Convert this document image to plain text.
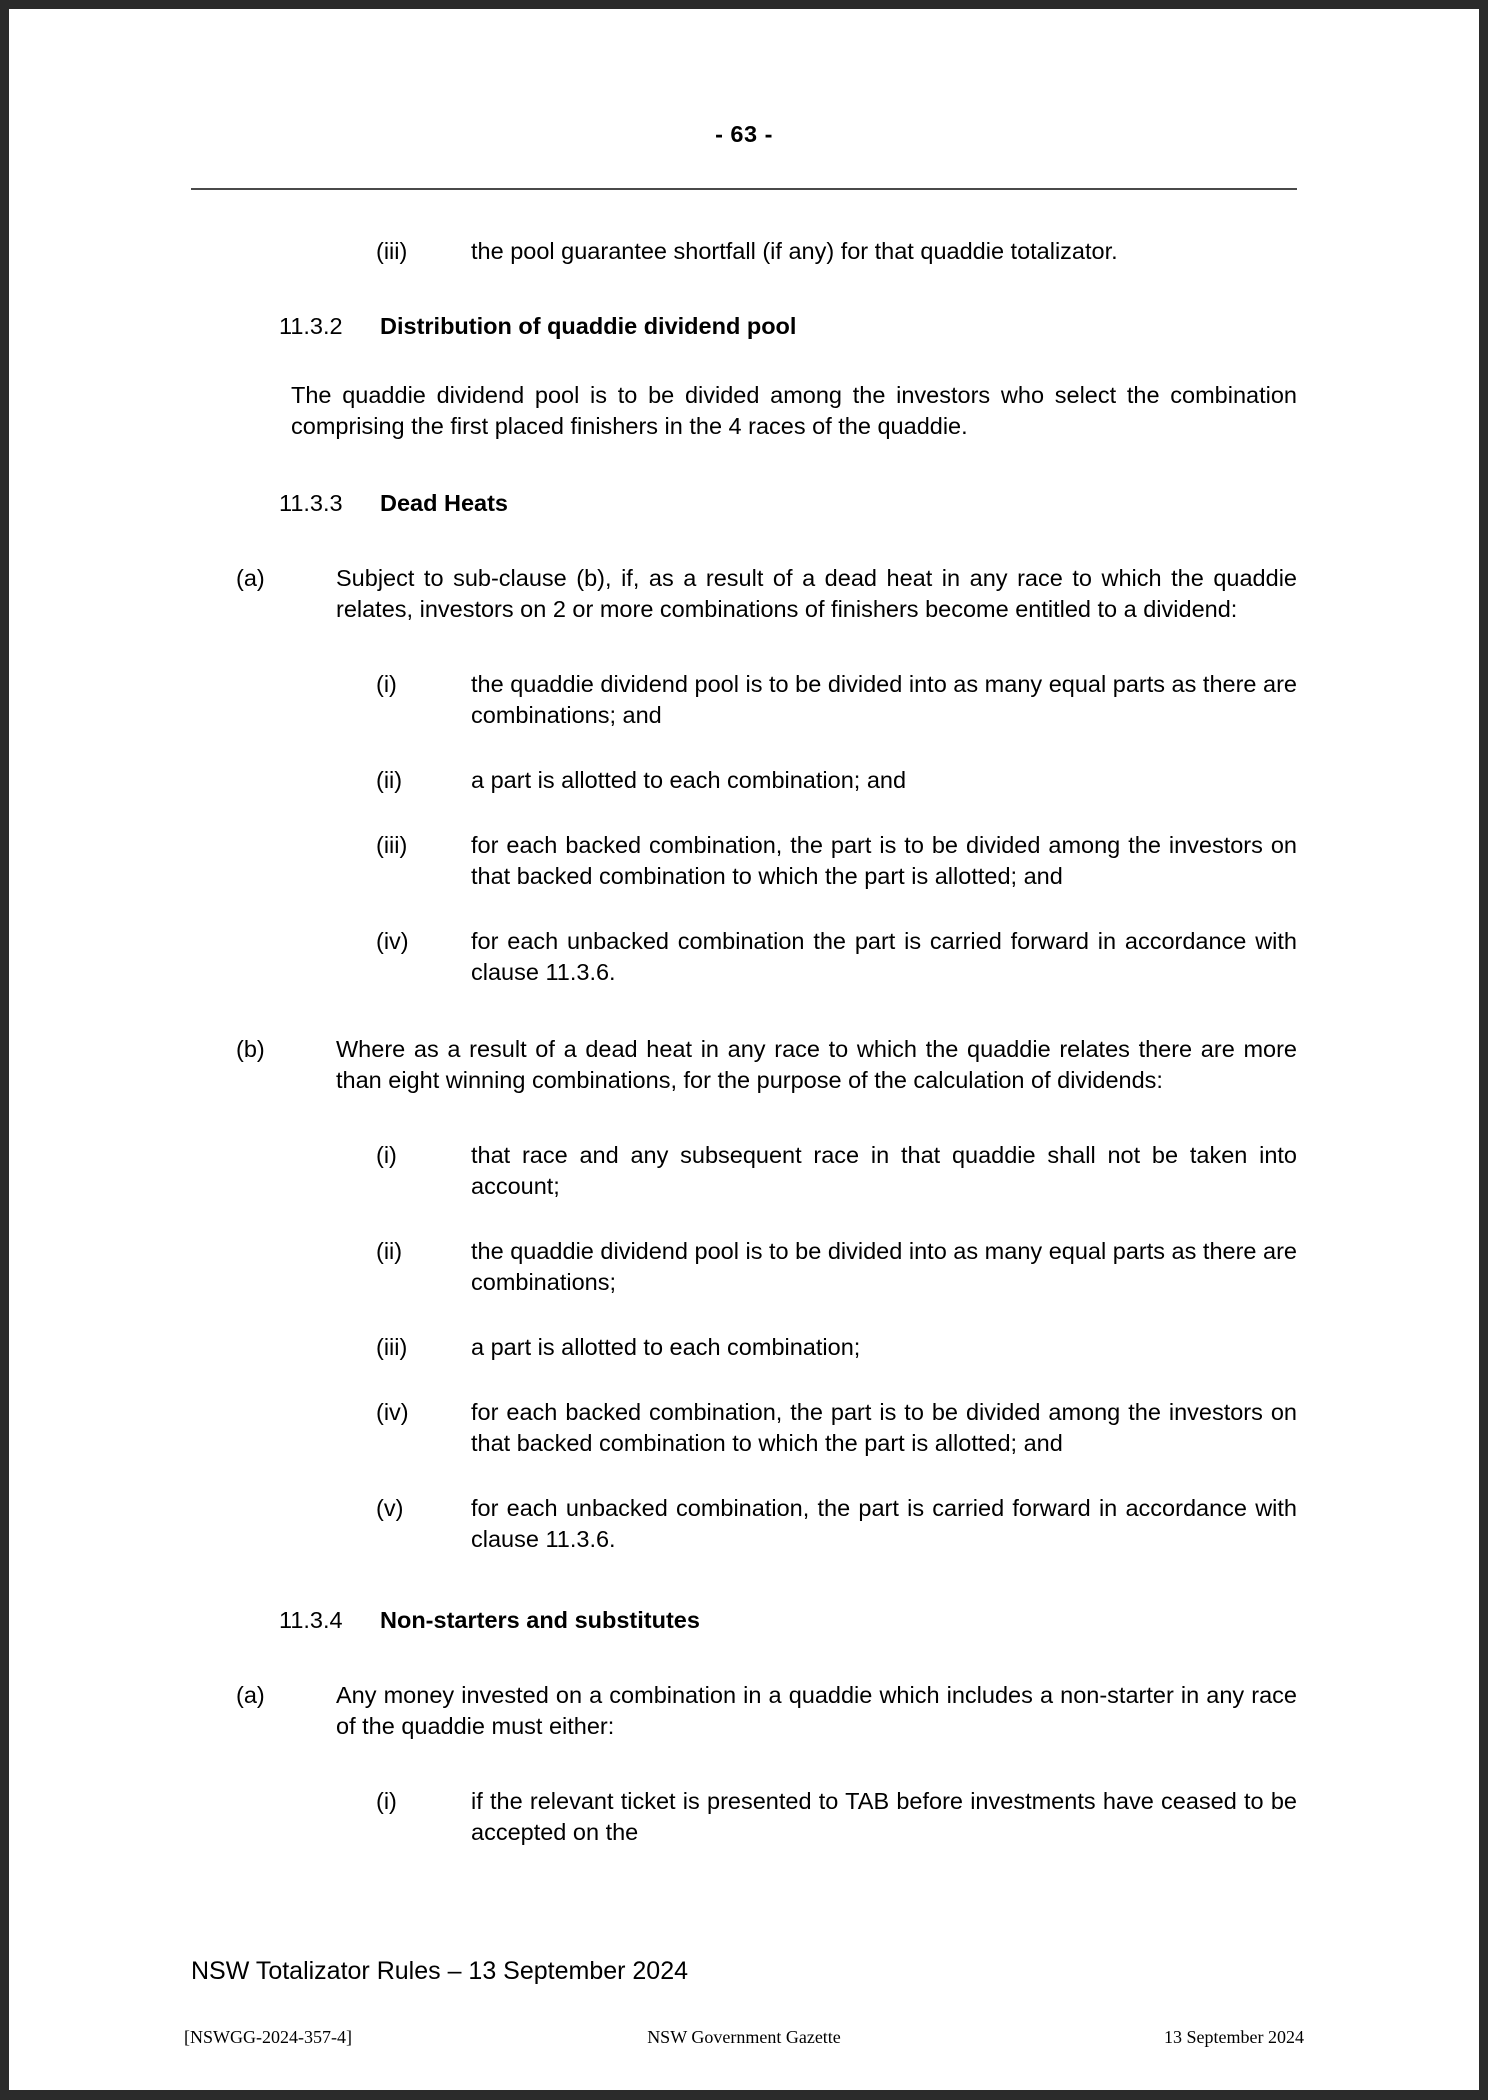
- 63 -
(iii)	the pool guarantee shortfall (if any) for that quaddie totalizator.
11.3.2	Distribution of quaddie dividend pool
The quaddie dividend pool is to be divided among the investors who select the combination comprising the first placed finishers in the 4 races of the quaddie.
11.3.3	Dead Heats
(a)	Subject to sub-clause (b), if, as a result of a dead heat in any race to which the quaddie relates, investors on 2 or more combinations of finishers become entitled to a dividend:
(i)	the quaddie dividend pool is to be divided into as many equal parts as there are combinations; and
(ii)	a part is allotted to each combination; and
(iii)	for each backed combination, the part is to be divided among the investors on that backed combination to which the part is allotted; and
(iv)	for each unbacked combination the part is carried forward in accordance with clause 11.3.6.
(b)	Where as a result of a dead heat in any race to which the quaddie relates there are more than eight winning combinations, for the purpose of the calculation of dividends:
(i)	that race and any subsequent race in that quaddie shall not be taken into account;
(ii)	the quaddie dividend pool is to be divided into as many equal parts as there are combinations;
(iii)	a part is allotted to each combination;
(iv)	for each backed combination, the part is to be divided among the investors on that backed combination to which the part is allotted; and
(v)	for each unbacked combination, the part is carried forward in accordance with clause 11.3.6.
11.3.4	Non-starters and substitutes
(a)	Any money invested on a combination in a quaddie which includes a non-starter in any race of the quaddie must either:
(i)	if the relevant ticket is presented to TAB before investments have ceased to be accepted on the
NSW Totalizator Rules – 13 September 2024
[NSWGG-2024-357-4]	NSW Government Gazette	13 September 2024
